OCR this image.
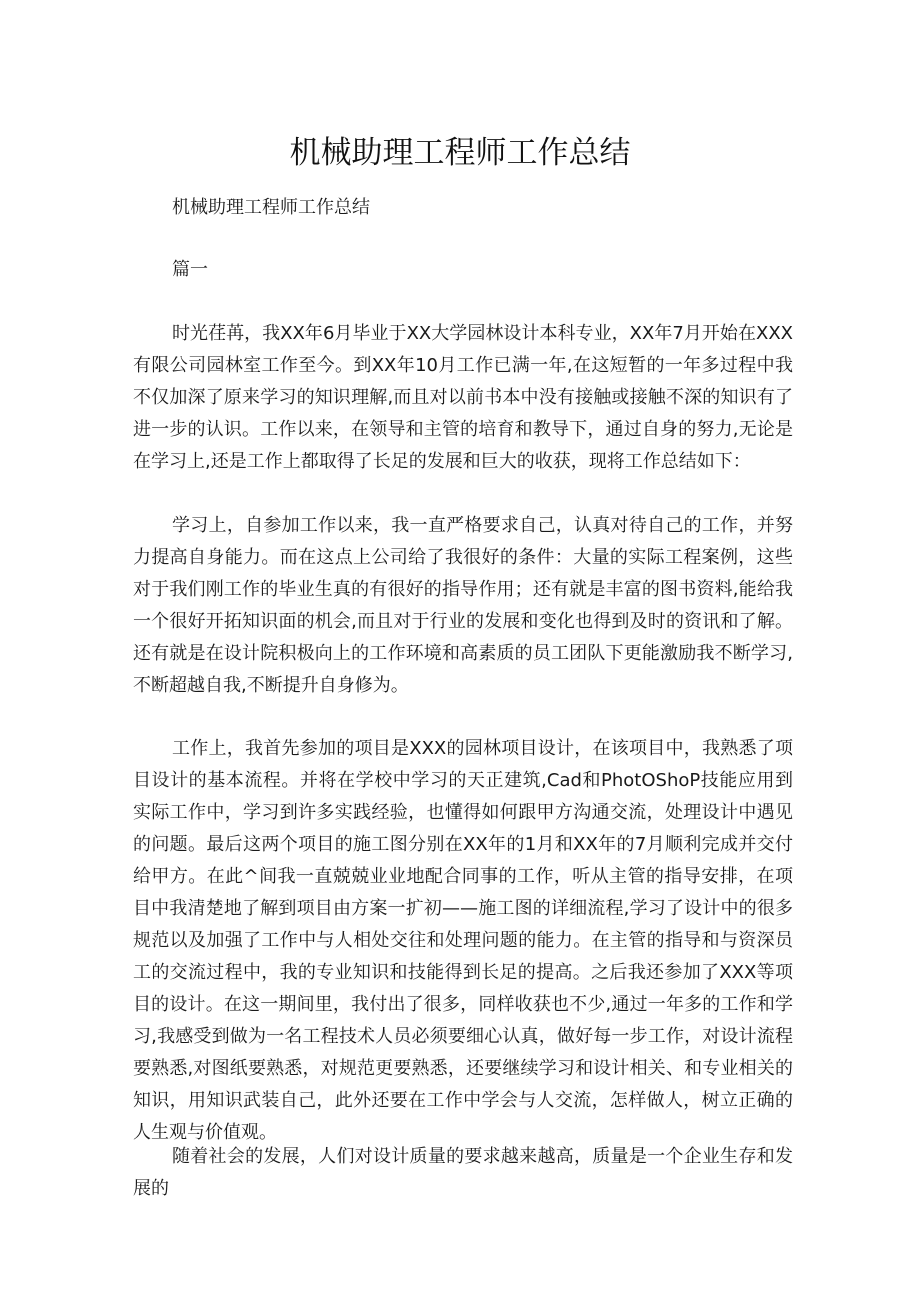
机械助理工程师工作总结

机械助理工程师工作总结

篇一

时光荏苒，我XX年6月毕业于XX大学园林设计本科专业，XX年7月开始在XXX有限公司园林室工作至今。到XX年10月工作已满一年,在这短暂的一年多过程中我不仅加深了原来学习的知识理解,而且对以前书本中没有接触或接触不深的知识有了进一步的认识。工作以来，在领导和主管的培育和教导下，通过自身的努力,无论是在学习上,还是工作上都取得了长足的发展和巨大的收获，现将工作总结如下：

学习上，自参加工作以来，我一直严格要求自己，认真对待自己的工作，并努力提高自身能力。而在这点上公司给了我很好的条件：大量的实际工程案例，这些对于我们刚工作的毕业生真的有很好的指导作用；还有就是丰富的图书资料,能给我一个很好开拓知识面的机会,而且对于行业的发展和变化也得到及时的资讯和了解。还有就是在设计院积极向上的工作环境和高素质的员工团队下更能激励我不断学习,不断超越自我,不断提升自身修为。

工作上，我首先参加的项目是XXX的园林项目设计，在该项目中，我熟悉了项目设计的基本流程。并将在学校中学习的天正建筑,Cad和PhotOShoP技能应用到实际工作中，学习到许多实践经验，也懂得如何跟甲方沟通交流，处理设计中遇见的问题。最后这两个项目的施工图分别在XX年的1月和XX年的7月顺利完成并交付给甲方。在此^间我一直兢兢业业地配合同事的工作，听从主管的指导安排，在项目中我清楚地了解到项目由方案一扩初——施工图的详细流程,学习了设计中的很多规范以及加强了工作中与人相处交往和处理问题的能力。在主管的指导和与资深员工的交流过程中，我的专业知识和技能得到长足的提高。之后我还参加了XXX等项目的设计。在这一期间里，我付出了很多，同样收获也不少,通过一年多的工作和学习,我感受到做为一名工程技术人员必须要细心认真，做好每一步工作，对设计流程要熟悉,对图纸要熟悉，对规范更要熟悉，还要继续学习和设计相关、和专业相关的知识，用知识武装自己，此外还要在工作中学会与人交流，怎样做人，树立正确的人生观与价值观。

随着社会的发展，人们对设计质量的要求越来越高，质量是一个企业生存和发展的
